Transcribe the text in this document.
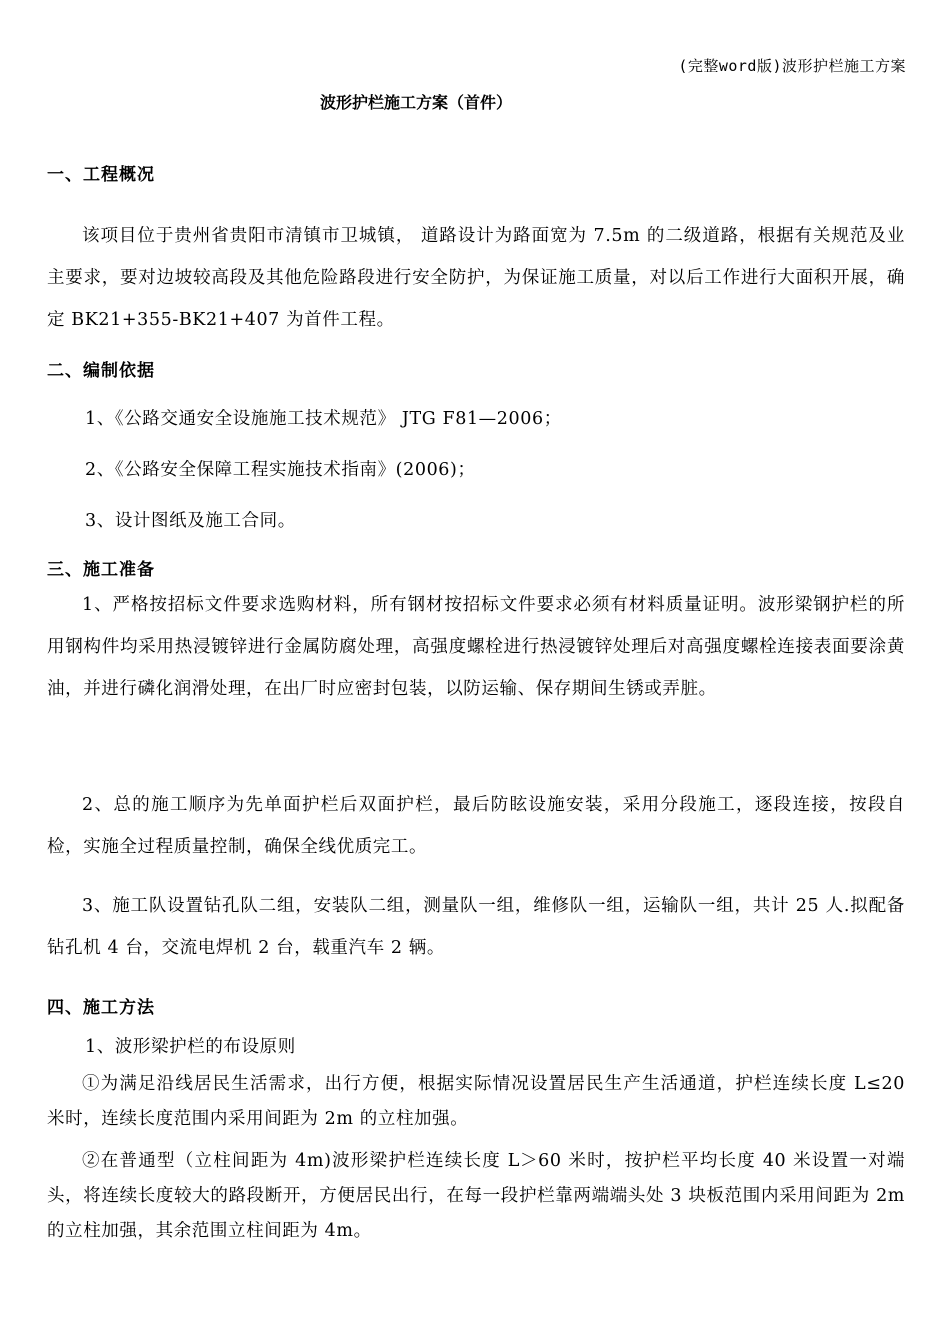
(完整word版)波形护栏施工方案
波形护栏施工方案（首件）
一、工程概况

该项目位于贵州省贵阳市清镇市卫城镇， 道路设计为路面宽为 7.5m 的二级道路，根据有关规范及业主要求，要对边坡较高段及其他危险路段进行安全防护，为保证施工质量，对以后工作进行大面积开展，确定 BK21+355-BK21+407 为首件工程。

二、编制依据
1、《公路交通安全设施施工技术规范》 JTG F81—2006；
2、《公路安全保障工程实施技术指南》(2006)；
3、设计图纸及施工合同。
三、施工准备

1、严格按招标文件要求选购材料，所有钢材按招标文件要求必须有材料质量证明。波形梁钢护栏的所用钢构件均采用热浸镀锌进行金属防腐处理，高强度螺栓进行热浸镀锌处理后对高强度螺栓连接表面要涂黄油，并进行磷化润滑处理，在出厂时应密封包装，以防运输、保存期间生锈或弄脏。

2、总的施工顺序为先单面护栏后双面护栏，最后防眩设施安装，采用分段施工，逐段连接，按段自检，实施全过程质量控制，确保全线优质完工。

3、施工队设置钻孔队二组，安装队二组，测量队一组，维修队一组，运输队一组，共计 25 人.拟配备钻孔机 4 台，交流电焊机 2 台，载重汽车 2 辆。

四、施工方法
1、波形梁护栏的布设原则

①为满足沿线居民生活需求，出行方便，根据实际情况设置居民生产生活通道，护栏连续长度 L≤20 米时，连续长度范围内采用间距为 2m 的立柱加强。

②在普通型（立柱间距为 4m)波形梁护栏连续长度 L＞60 米时，按护栏平均长度 40 米设置一对端头，将连续长度较大的路段断开，方便居民出行，在每一段护栏靠两端端头处 3 块板范围内采用间距为 2m 的立柱加强，其余范围立柱间距为 4m。
